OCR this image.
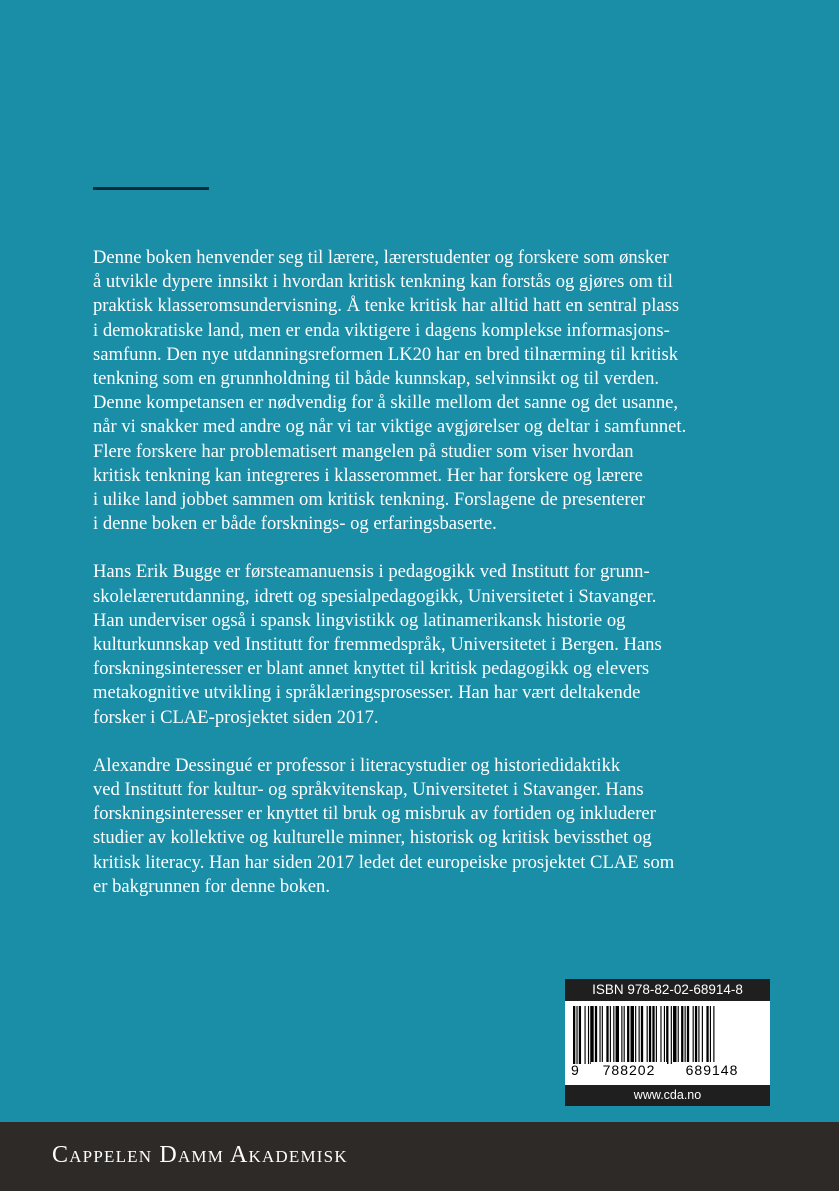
Denne boken henvender seg til lærere, lærerstudenter og forskere som ønsker
å utvikle dypere innsikt i hvordan kritisk tenkning kan forstås og gjøres om til
praktisk klasseromsundervisning. Å tenke kritisk har alltid hatt en sentral plass
i demokratiske land, men er enda viktigere i dagens komplekse informasjons-
samfunn. Den nye utdanningsreformen LK20 har en bred tilnærming til kritisk
tenkning som en grunnholdning til både kunnskap, selvinnsikt og til verden.
Denne kompetansen er nødvendig for å skille mellom det sanne og det usanne,
når vi snakker med andre og når vi tar viktige avgjørelser og deltar i samfunnet.
Flere forskere har problematisert mangelen på studier som viser hvordan
kritisk tenkning kan integreres i klasserommet. Her har forskere og lærere
i ulike land jobbet sammen om kritisk tenkning. Forslagene de presenterer
i denne boken er både forsknings- og erfaringsbaserte.
Hans Erik Bugge er førsteamanuensis i pedagogikk ved Institutt for grunn-
skolelærerutdanning, idrett og spesialpedagogikk, Universitetet i Stavanger.
Han underviser også i spansk lingvistikk og latinamerikansk historie og
kulturkunnskap ved Institutt for fremmedspråk, Universitetet i Bergen. Hans
forskningsinteresser er blant annet knyttet til kritisk pedagogikk og elevers
metakognitive utvikling i språklæringsprosesser. Han har vært deltakende
forsker i CLAE-prosjektet siden 2017.
Alexandre Dessingué er professor i literacystudier og historiedidaktikk
ved Institutt for kultur- og språkvitenskap, Universitetet i Stavanger. Hans
forskningsinteresser er knyttet til bruk og misbruk av fortiden og inkluderer
studier av kollektive og kulturelle minner, historisk og kritisk bevissthet og
kritisk literacy. Han har siden 2017 ledet det europeiske prosjektet CLAE som
er bakgrunnen for denne boken.
ISBN 978-82-02-68914-8
9	788202	689148
www.cda.no
Cappelen Damm Akademisk
